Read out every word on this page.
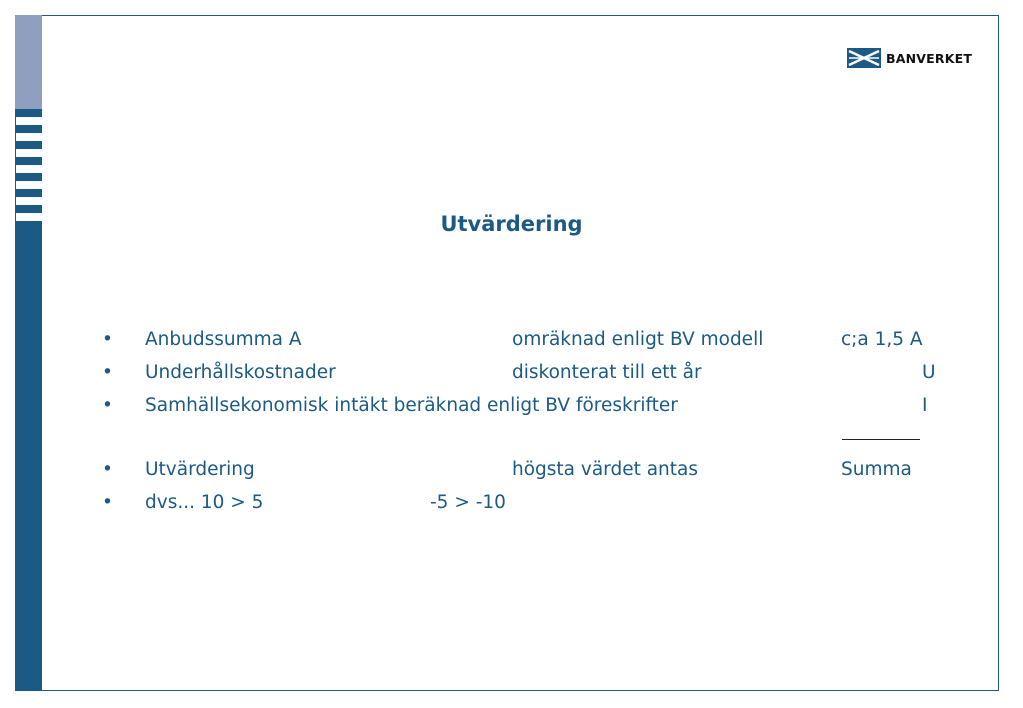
BANVERKET
Utvärdering
• Anbudssumma A	omräknad enligt BV modell	c;a 1,5 A
• Underhållskostnader	diskonterat till ett år	U
• Samhällsekonomisk intäkt beräknad enligt BV föreskrifter	I
• Utvärdering	högsta värdet antas	Summa
• dvs... 10 > 5	-5 > -10
